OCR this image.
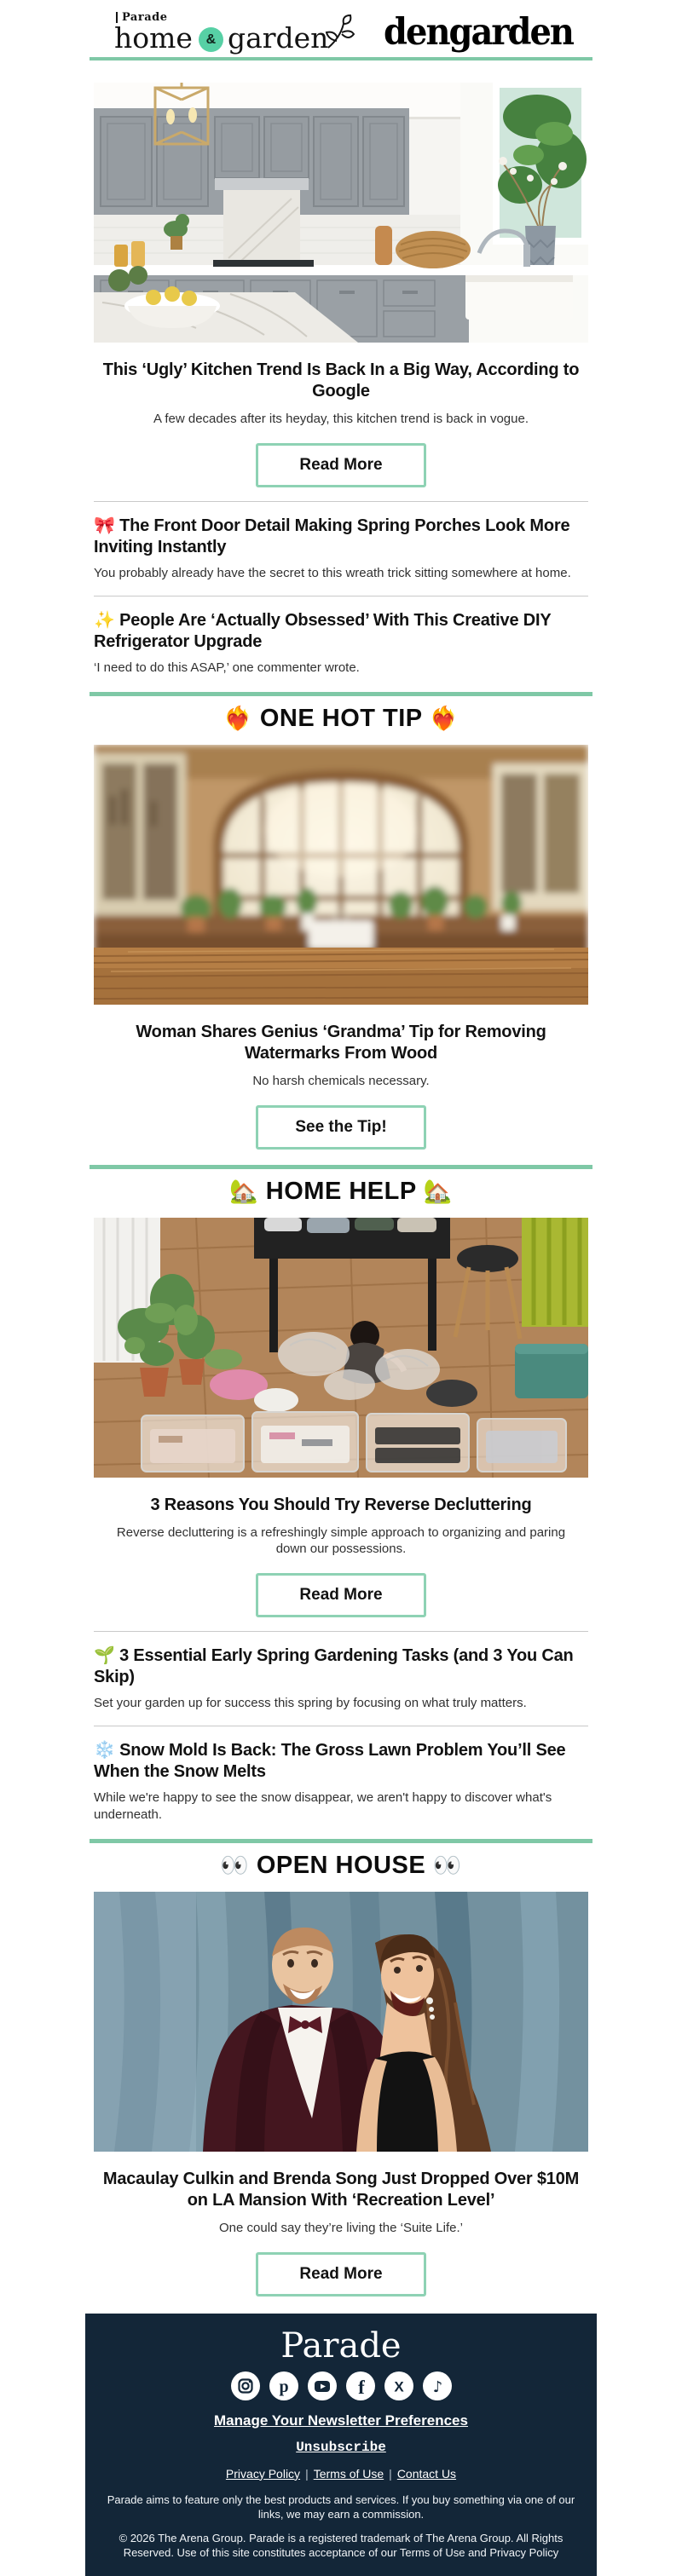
Parade
home & garden dengarden
This ‘Ugly’ Kitchen Trend Is Back In a Big Way, According to Google

A few decades after its heyday, this kitchen trend is back in vogue.

Read More
🎀 The Front Door Detail Making Spring Porches Look More Inviting Instantly

You probably already have the secret to this wreath trick sitting somewhere at home.

✨ People Are ‘Actually Obsessed’ With This Creative DIY Refrigerator Upgrade

‘I need to do this ASAP,’ one commenter wrote.

❤️‍🔥 ONE HOT TIP ❤️‍🔥
Woman Shares Genius ‘Grandma’ Tip for Removing Watermarks From Wood

No harsh chemicals necessary.

See the Tip!
🏡 HOME HELP 🏡
3 Reasons You Should Try Reverse Decluttering

Reverse decluttering is a refreshingly simple approach to organizing and paring down our possessions.

Read More
🌱 3 Essential Early Spring Gardening Tasks (and 3 You Can Skip)

Set your garden up for success this spring by focusing on what truly matters.

❄️ Snow Mold Is Back: The Gross Lawn Problem You’ll See When the Snow Melts

While we're happy to see the snow disappear, we aren't happy to discover what's underneath.

👀 OPEN HOUSE 👀
Macaulay Culkin and Brenda Song Just Dropped Over $10M on LA Mansion With ‘Recreation Level’

One could say they’re living the ‘Suite Life.’

Read More
Parade
p	f X ♪
Manage Your Newsletter Preferences
Unsubscribe
Privacy Policy | Terms of Use | Contact Us

Parade aims to feature only the best products and services. If you buy something via one of our links, we may earn a commission.

© 2026 The Arena Group. Parade is a registered trademark of The Arena Group. All Rights Reserved. Use of this site constitutes acceptance of our Terms of Use and Privacy Policy
